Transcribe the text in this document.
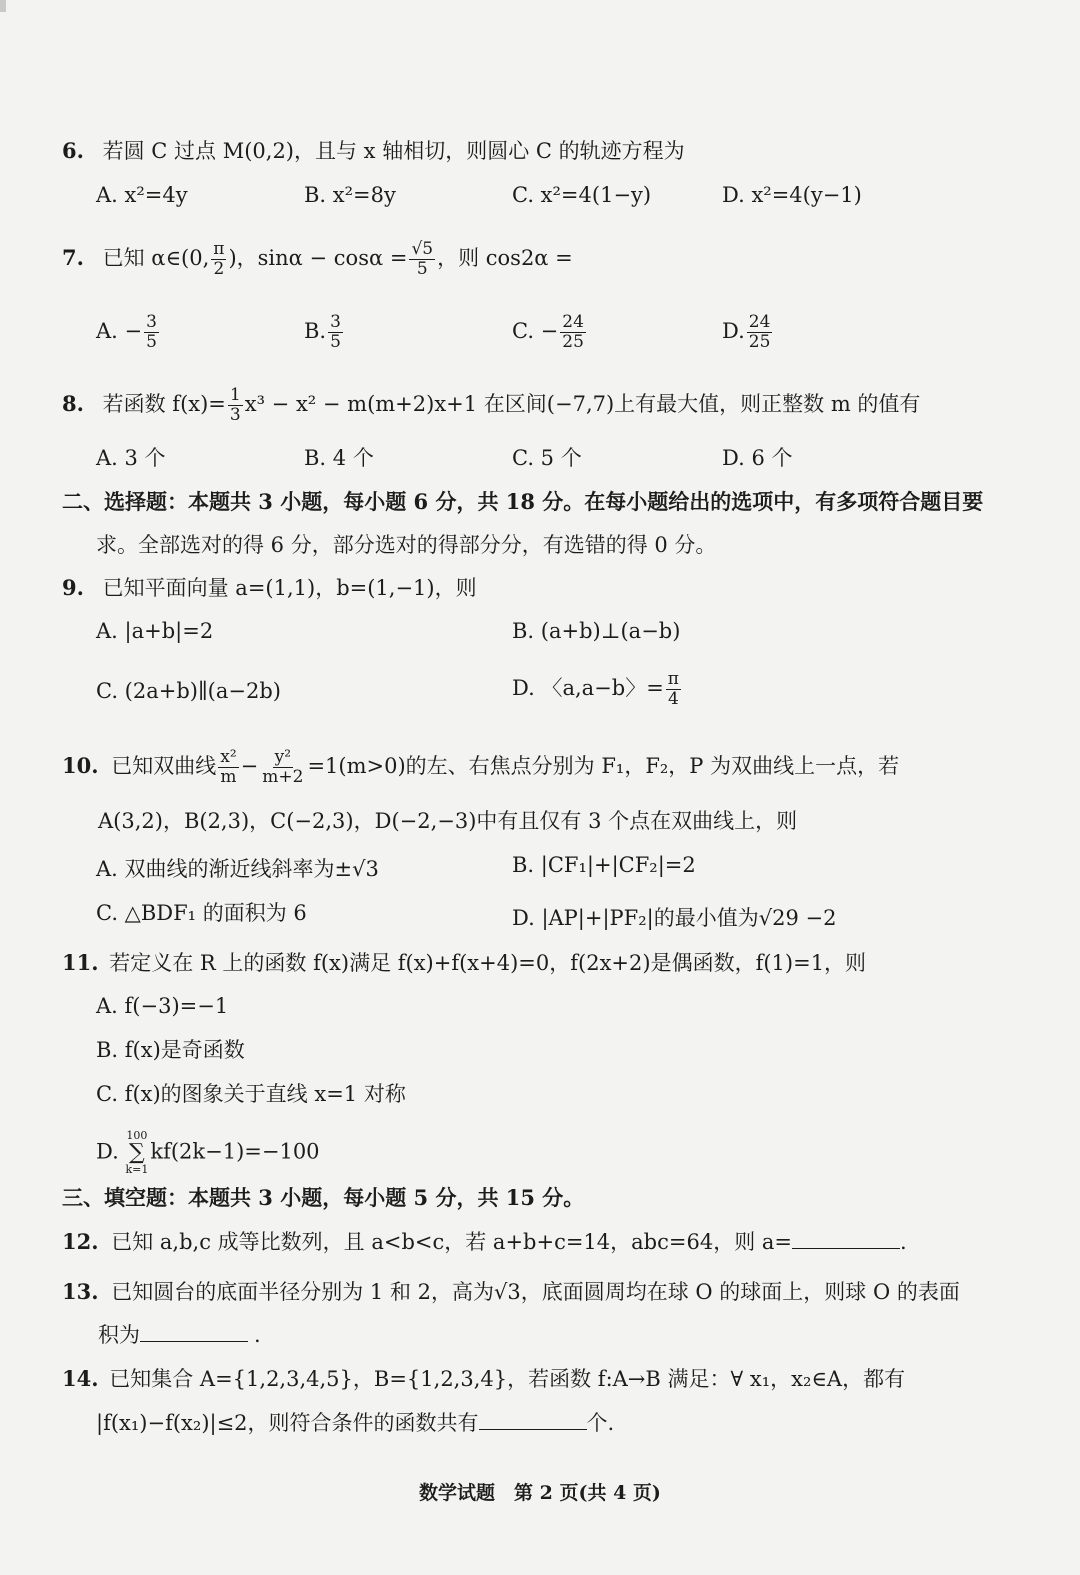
6. 若圆 C 过点 M(0,2)，且与 x 轴相切，则圆心 C 的轨迹方程为
A. x²=4y	B. x²=8y	C. x²=4(1−y)	D. x²=4(y−1)
7. 已知 α∈(0, $\frac{\pi}{2}$ )，$\sin\alpha - \cos\alpha = \frac{√5}{5}$ ，则 cos2α =
A. − $\frac{3}{5}$	B. $\frac{3}{5}$	C. − $\frac{24}{25}$	D. $\frac{24}{25}$
8. 若函数 $f(x)= \frac{1}{3} x^3 - x^2 - m(m+2)x+1$ 在区间(−7,7)上有最大值，则正整数 m 的值有
A. 3 个	B. 4 个	C. 5 个	D. 6 个
二、选择题：本题共 3 小题，每小题 6 分，共 18 分。在每小题给出的选项中，有多项符合题目要
求。全部选对的得 6 分，部分选对的得部分分，有选错的得 0 分。
9. 已知平面向量 a=(1,1)，b=(1,−1)，则
A. |a+b|=2	B. (a+b)⊥(a−b)
C. (2a+b)∥(a−2b)	D. 〈a,a−b〉= $\frac{\pi}{4}$
10. 已知双曲线 $\frac{\text{x²}}{m} - \frac{\text{y²}}{m+2} =1(m>0)$的左、右焦点分别为 F₁，F₂，P 为双曲线上一点，若
A(3,2)，B(2,3)，C(−2,3)，D(−2,−3)中有且仅有 3 个点在双曲线上，则
A. 双曲线的渐近线斜率为±√3	B. |CF₁|+|CF₂|=2
C. △BDF₁ 的面积为 6	D. |AP|+|PF₂|的最小值为√29 −2
11. 若定义在 R 上的函数 f(x)满足 f(x)+f(x+4)=0，f(2x+2)是偶函数，f(1)=1，则
A. f(−3)=−1
B. f(x)是奇函数
C. f(x)的图象关于直线 x=1 对称
D.
100
∑
k=1
kf(2k−1)=−100
三、填空题：本题共 3 小题，每小题 5 分，共 15 分。
12. 已知 a,b,c 成等比数列，且 a<b<c，若 a+b+c=14，abc=64，则 a=	.
13. 已知圆台的底面半径分别为 1 和 2，高为√3，底面圆周均在球 O 的球面上，则球 O 的表面
积为	.
14. 已知集合 A={1,2,3,4,5}，B={1,2,3,4}，若函数 f:A→B 满足：∀ x₁，x₂∈A，都有
|f(x₁)−f(x₂)|≤2，则符合条件的函数共有	个.
数学试题　第 2 页(共 4 页)
